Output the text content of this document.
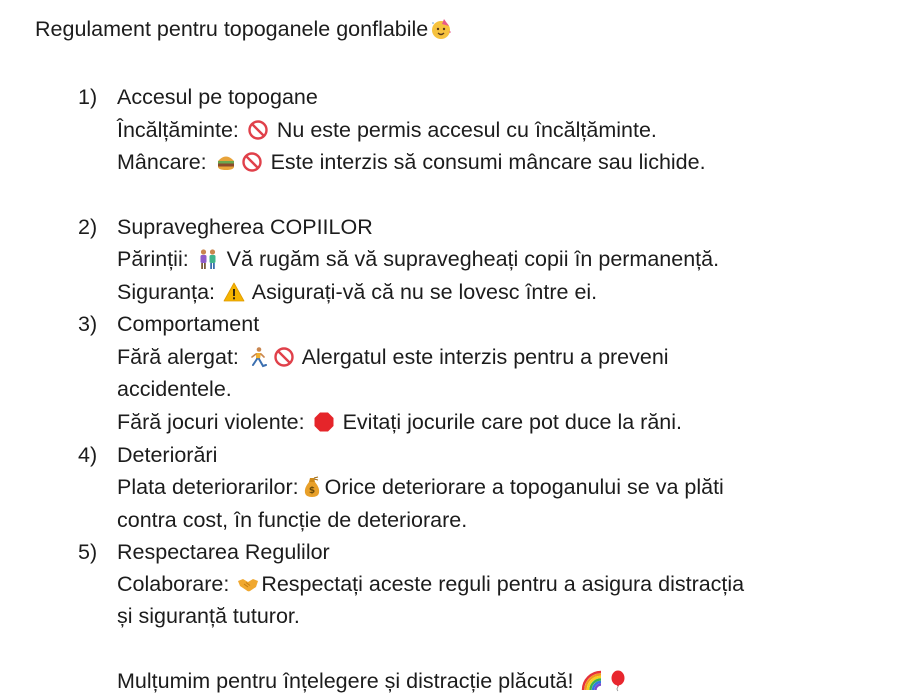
Regulament pentru topoganele gonflabile
1) Accesul pe topogane
Încălțăminte: Nu este permis accesul cu încălțăminte.
Mâncare:	Este interzis să consumi mâncare sau lichide.
2) Supravegherea COPIILOR
Părinții: Vă rugăm să vă supravegheați copii în permanență.
Siguranța: Asigurați-vă că nu se lovesc între ei.
3) Comportament
Fără alergat:	Alergatul este interzis pentru a preveni
accidentele.
Fără jocuri violente: Evitați jocurile care pot duce la răni.
4) Deteriorări
Plata deteriorarilor: $ Orice deteriorare a topoganului se va plăti
contra cost, în funcție de deteriorare.
5) Respectarea Regulilor
Colaborare: Respectați aceste reguli pentru a asigura distracția
și siguranță tuturor.
Mulțumim pentru înțelegere și distracție plăcută!
